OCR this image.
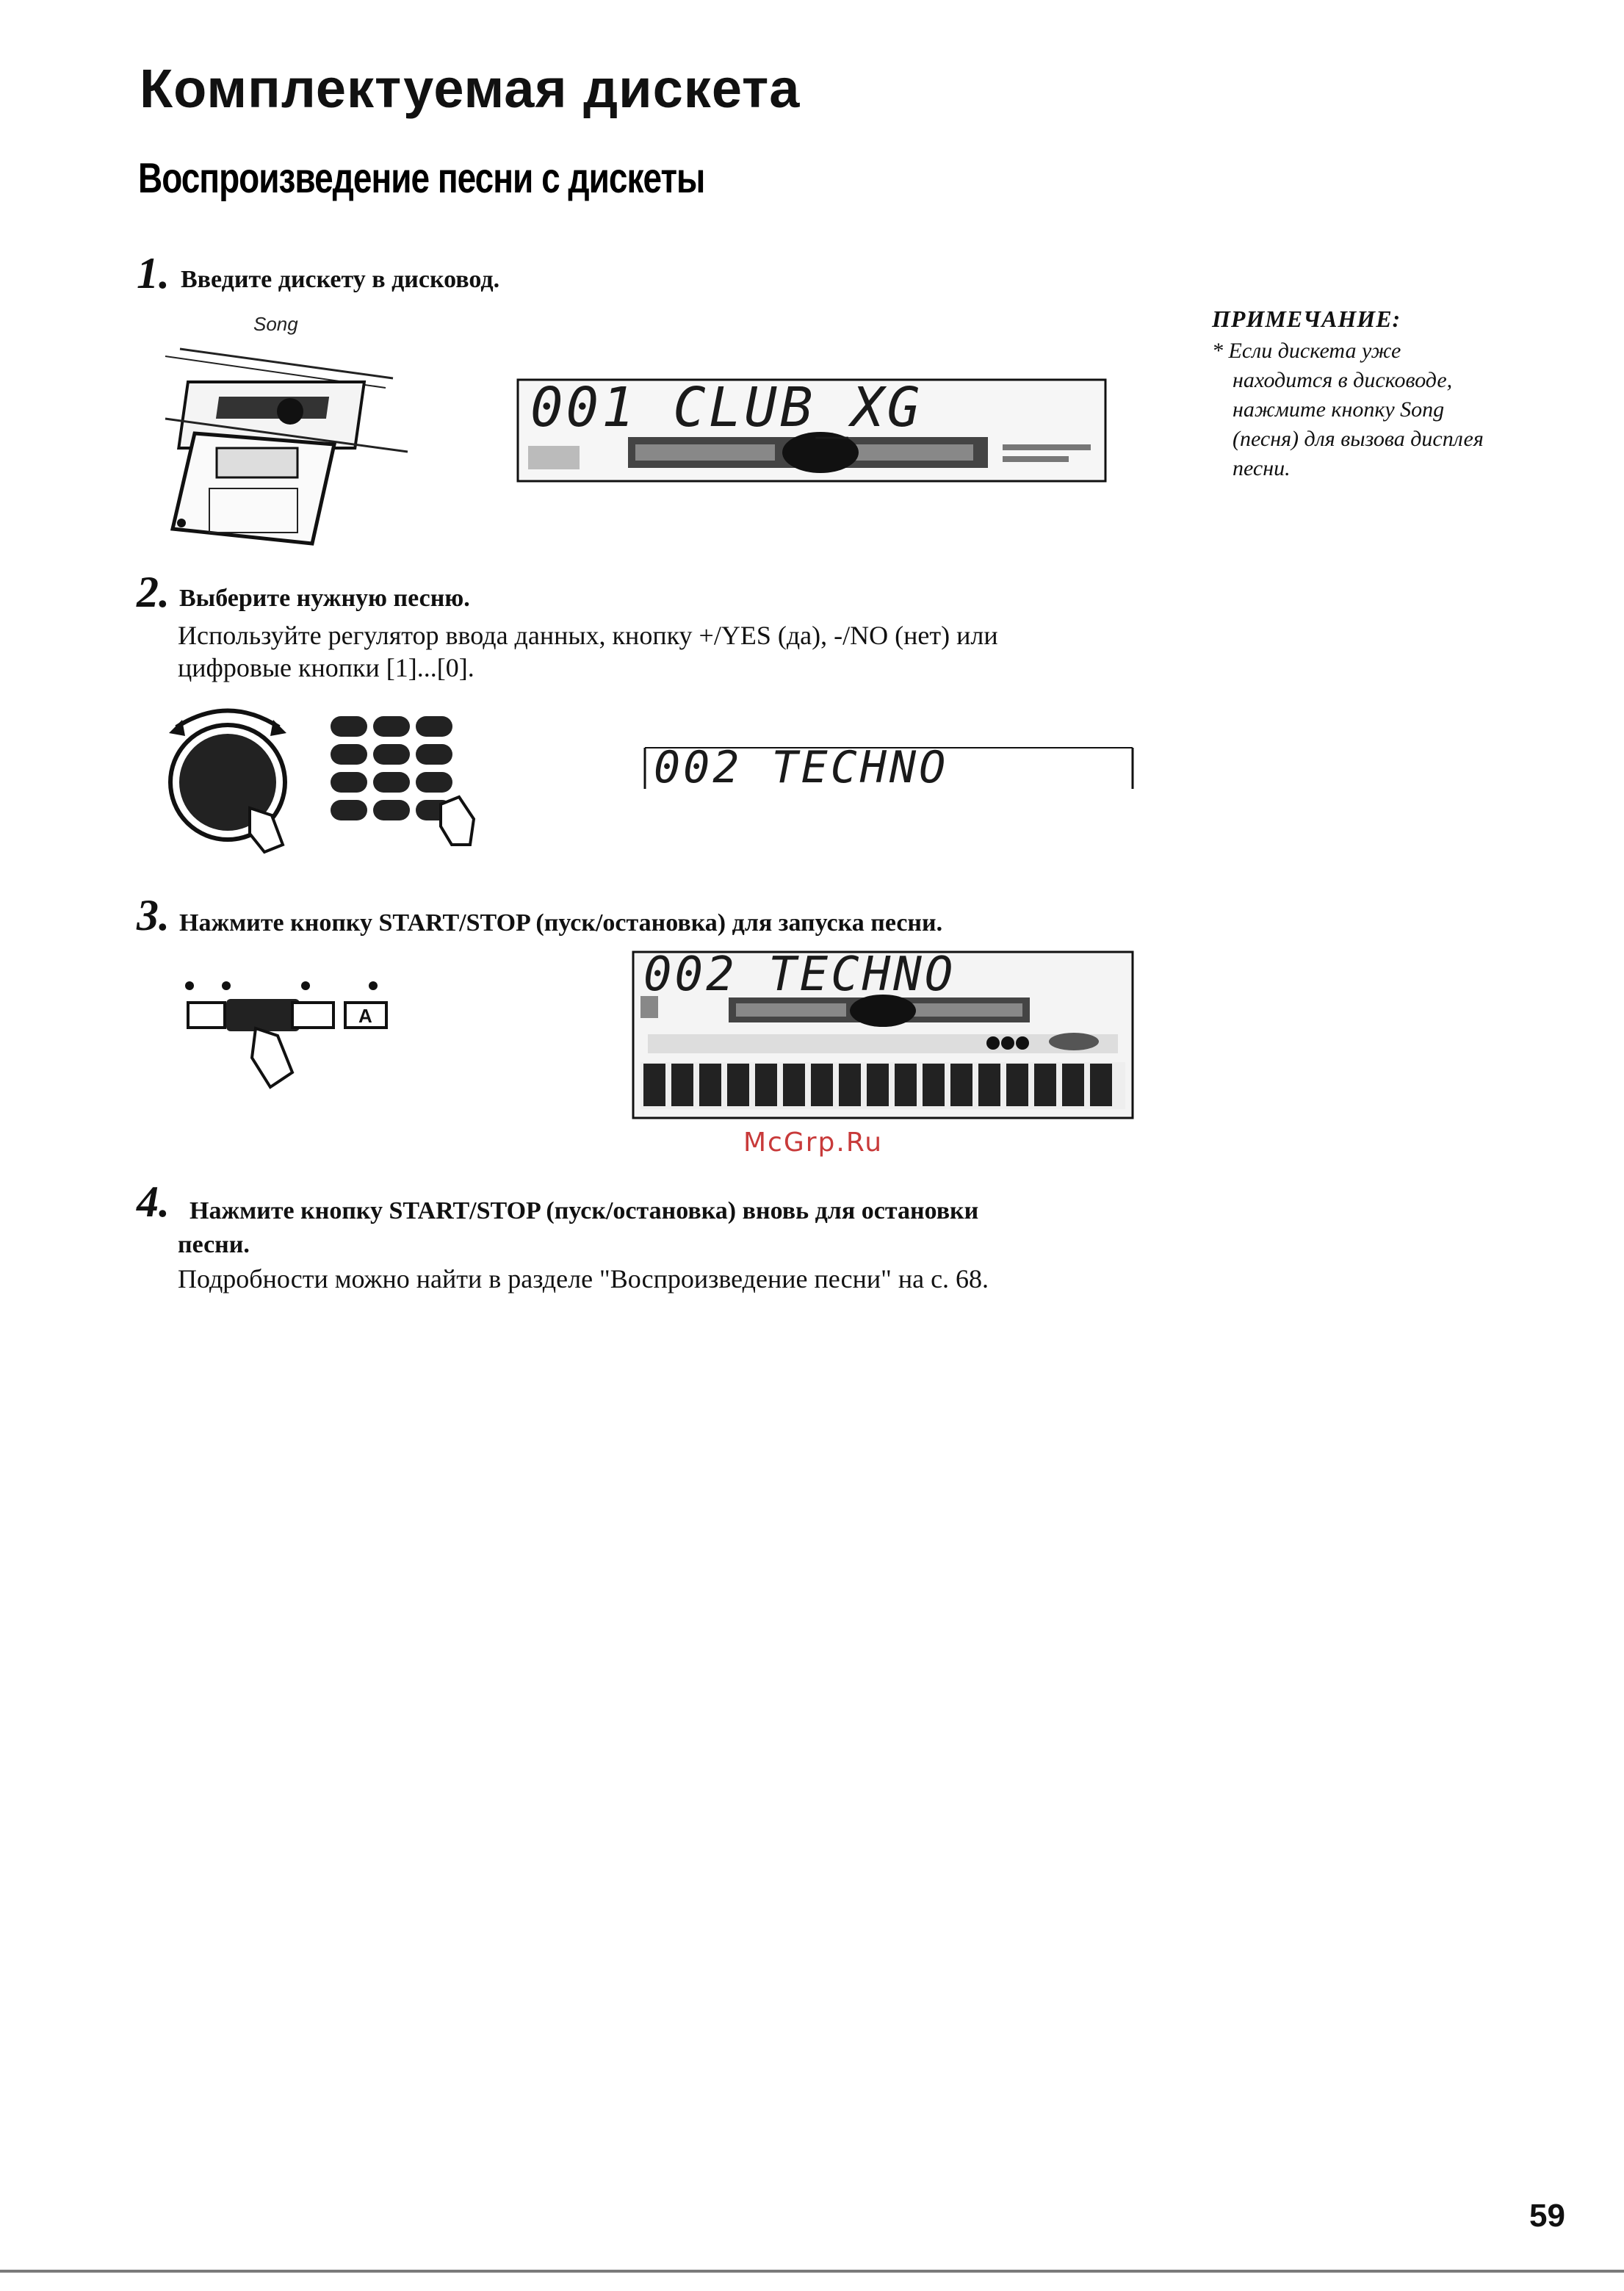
Комплектуемая дискета
Воспроизведение песни с дискеты
1. Введите дискету в дисковод.
Song
001 CLUB_XG
ПРИМЕЧАНИЕ:
* Если дискета уже
находится в дисководе,
нажмите кнопку Song
(песня) для вызова дисплея
песни.
2. Выберите нужную песню.
Используйте регулятор ввода данных, кнопку +/YES (да), -/NO (нет) или
цифровые кнопки [1]...[0].
002 TECHNO
3. Нажмите кнопку START/STOP (пуск/остановка) для запуска песни.
A
002 TECHNO
McGrp.Ru
4. Нажмите кнопку START/STOP (пуск/остановка) вновь для остановки
песни.
Подробности можно найти в разделе "Воспроизведение песни" на с. 68.
59
